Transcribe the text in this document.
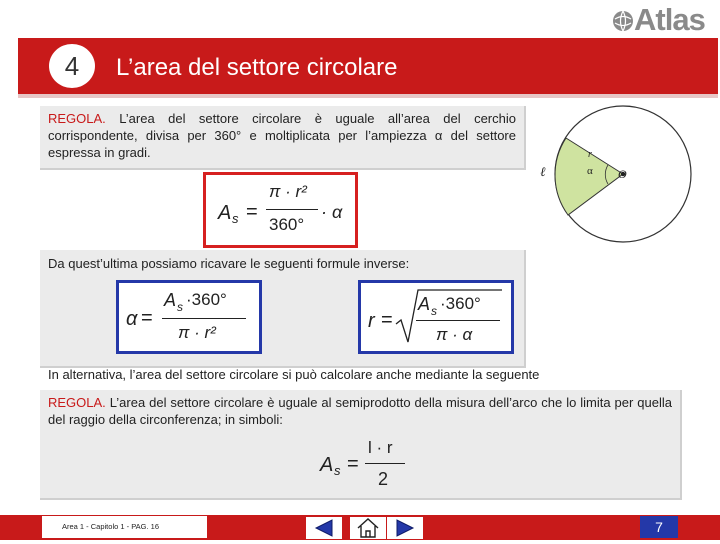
Atlas
4	L’area del settore circolare
REGOLA. L’area del settore circolare è uguale all’area del cerchio corrispondente, divisa per 360° e moltiplicata per l’ampiezza α del settore espressa in gradi.
ℓ
r
α O
A s =
π · r²
360°
· α
Da quest’ultima possiamo ricavare le seguenti formule inverse:
α =
A s ·360°
π · r²
r =
A s ·360°
π · α
In alternativa, l’area del settore circolare si può calcolare anche mediante la seguente
REGOLA. L’area del settore circolare è uguale al semiprodotto della misura dell’arco che lo limita per quella del raggio della circonferenza; in simboli:
A s =
l · r
2
Area 1 - Capitolo 1 - PAG. 16	7
